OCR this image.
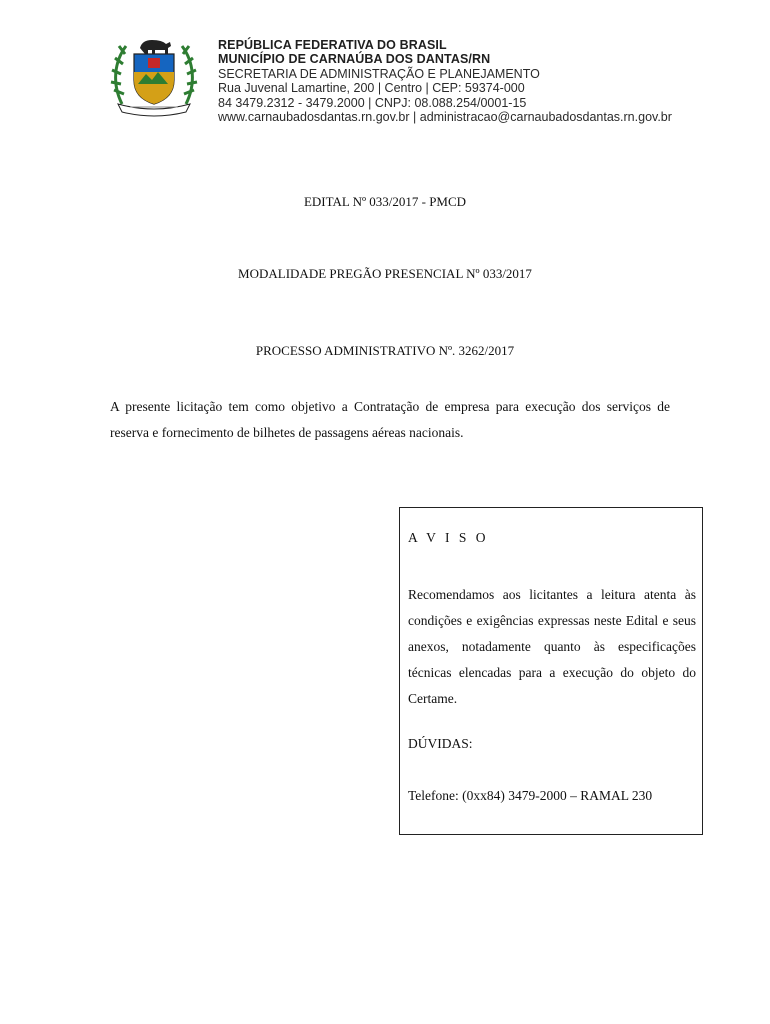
REPÚBLICA FEDERATIVA DO BRASIL
MUNICÍPIO DE CARNAÚBA DOS DANTAS/RN
SECRETARIA DE ADMINISTRAÇÃO E PLANEJAMENTO
Rua Juvenal Lamartine, 200 | Centro | CEP: 59374-000
84 3479.2312 - 3479.2000 | CNPJ: 08.088.254/0001-15
www.carnaubadosdantas.rn.gov.br | administracao@carnaubadosdantas.rn.gov.br
EDITAL Nº 033/2017 - PMCD
MODALIDADE PREGÃO PRESENCIAL Nº 033/2017
PROCESSO ADMINISTRATIVO Nº. 3262/2017

A presente licitação tem como objetivo a Contratação de empresa para execução dos serviços de reserva e fornecimento de bilhetes de passagens aéreas nacionais.

A V I S O

Recomendamos aos licitantes a leitura atenta às condições e exigências expressas neste Edital e seus anexos, notadamente quanto às especificações técnicas elencadas para a execução do objeto do Certame.

DÚVIDAS:

Telefone: (0xx84) 3479-2000 – RAMAL 230
